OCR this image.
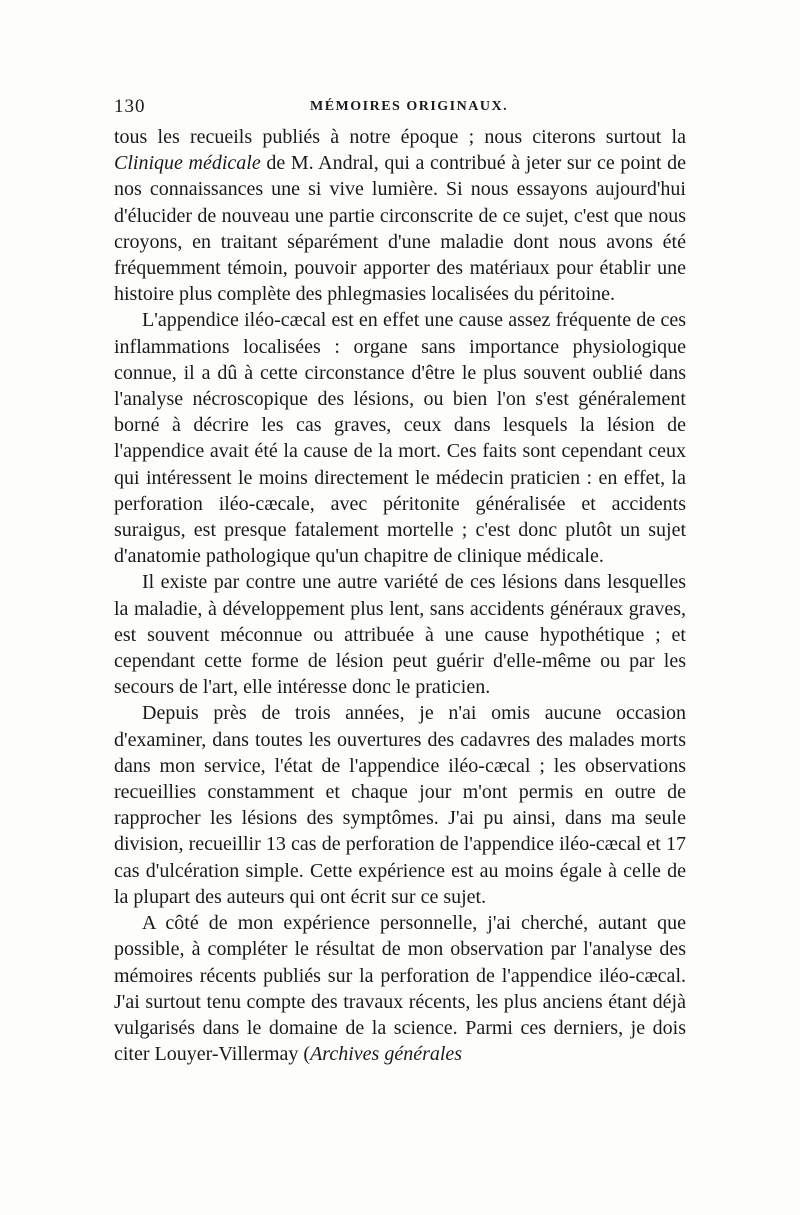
130	MÉMOIRES ORIGINAUX.

tous les recueils publiés à notre époque ; nous citerons surtout la Clinique médicale de M. Andral, qui a contribué à jeter sur ce point de nos connaissances une si vive lumière. Si nous essayons aujourd'hui d'élucider de nouveau une partie circonscrite de ce sujet, c'est que nous croyons, en traitant séparément d'une maladie dont nous avons été fréquemment témoin, pouvoir apporter des matériaux pour établir une histoire plus complète des phlegmasies localisées du péritoine.

L'appendice iléo-cæcal est en effet une cause assez fréquente de ces inflammations localisées : organe sans importance physiologique connue, il a dû à cette circonstance d'être le plus souvent oublié dans l'analyse nécroscopique des lésions, ou bien l'on s'est généralement borné à décrire les cas graves, ceux dans lesquels la lésion de l'appendice avait été la cause de la mort. Ces faits sont cependant ceux qui intéressent le moins directement le médecin praticien : en effet, la perforation iléo-cæcale, avec péritonite généralisée et accidents suraigus, est presque fatalement mortelle ; c'est donc plutôt un sujet d'anatomie pathologique qu'un chapitre de clinique médicale.

Il existe par contre une autre variété de ces lésions dans lesquelles la maladie, à développement plus lent, sans accidents généraux graves, est souvent méconnue ou attribuée à une cause hypothétique ; et cependant cette forme de lésion peut guérir d'elle-même ou par les secours de l'art, elle intéresse donc le praticien.

Depuis près de trois années, je n'ai omis aucune occasion d'examiner, dans toutes les ouvertures des cadavres des malades morts dans mon service, l'état de l'appendice iléo-cæcal ; les observations recueillies constamment et chaque jour m'ont permis en outre de rapprocher les lésions des symptômes. J'ai pu ainsi, dans ma seule division, recueillir 13 cas de perforation de l'appendice iléo-cæcal et 17 cas d'ulcération simple. Cette expérience est au moins égale à celle de la plupart des auteurs qui ont écrit sur ce sujet.

A côté de mon expérience personnelle, j'ai cherché, autant que possible, à compléter le résultat de mon observation par l'analyse des mémoires récents publiés sur la perforation de l'appendice iléo-cæcal. J'ai surtout tenu compte des travaux récents, les plus anciens étant déjà vulgarisés dans le domaine de la science. Parmi ces derniers, je dois citer Louyer-Villermay (Archives générales
